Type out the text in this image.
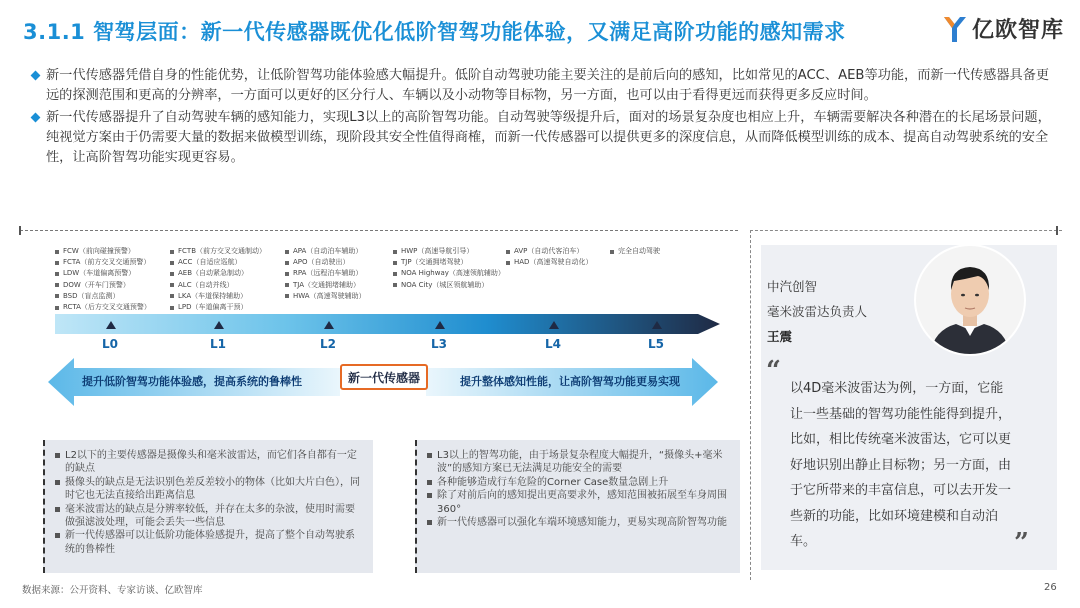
3.1.1 智驾层面：新一代传感器既优化低阶智驾功能体验，又满足高阶功能的感知需求	亿欧智库
新一代传感器凭借自身的性能优势，让低阶智驾功能体验感大幅提升。低阶自动驾驶功能主要关注的是前后向的感知，比如常见的ACC、AEB等功能，而新一代传感器具备更远的探测范围和更高的分辨率，一方面可以更好的区分行人、车辆以及小动物等目标物，另一方面，也可以由于看得更远而获得更多反应时间。
新一代传感器提升了自动驾驶车辆的感知能力，实现L3以上的高阶智驾功能。自动驾驶等级提升后，面对的场景复杂度也相应上升，车辆需要解决各种潜在的长尾场景问题，纯视觉方案由于仍需要大量的数据来做模型训练，现阶段其安全性值得商榷，而新一代传感器可以提供更多的深度信息，从而降低模型训练的成本、提高自动驾驶系统的安全性，让高阶智驾功能实现更容易。
FCW（前向碰撞预警）
FCTA（前方交叉交通预警）
LDW（车道偏离预警）
DOW（开车门预警）
BSD（盲点监测）
RCTA（后方交叉交通预警）
FCTB（前方交叉交通制动）
ACC（自适应巡航）
AEB（自动紧急制动）
ALC（自动并线）
LKA（车道保持辅助）
LPD（车道偏离干预）
APA（自动泊车辅助）
APO（自动驶出）
RPA（远程泊车辅助）
TJA（交通拥堵辅助）
HWA（高速驾驶辅助）
HWP（高速导航引导）
TJP（交通拥堵驾驶）
NOA Highway（高速领航辅助）
NOA City（城区领航辅助）
AVP（自动代客泊车）
HAD（高速驾驶自动化）
完全自动驾驶
L0	L1	L2	L3	L4	L5
提升低阶智驾功能体验感，提高系统的鲁棒性	提升整体感知性能，让高阶智驾功能更易实现
新一代传感器
L2以下的主要传感器是摄像头和毫米波雷达，而它们各自都有一定的缺点
摄像头的缺点是无法识别色差反差较小的物体（比如大片白色），同时它也无法直接给出距离信息
毫米波雷达的缺点是分辨率较低，并存在太多的杂波，使用时需要做强滤波处理，可能会丢失一些信息
新一代传感器可以让低阶功能体验感提升，提高了整个自动驾驶系统的鲁棒性
L3以上的智驾功能，由于场景复杂程度大幅提升，“摄像头+毫米波”的感知方案已无法满足功能安全的需要
各种能够造成行车危险的Corner Case数量急剧上升
除了对前后向的感知提出更高要求外，感知范围被拓展至车身周围360°
新一代传感器可以强化车端环境感知能力，更易实现高阶智驾功能
中汽创智
毫米波雷达负责人
王震
“
以4D毫米波雷达为例，一方面，它能让一些基础的智驾功能性能得到提升，比如，相比传统毫米波雷达，它可以更好地识别出静止目标物；另一方面，由于它所带来的丰富信息，可以去开发一些新的功能，比如环境建模和自动泊车。	”
数据来源：公开资料、专家访谈、亿欧智库	26
